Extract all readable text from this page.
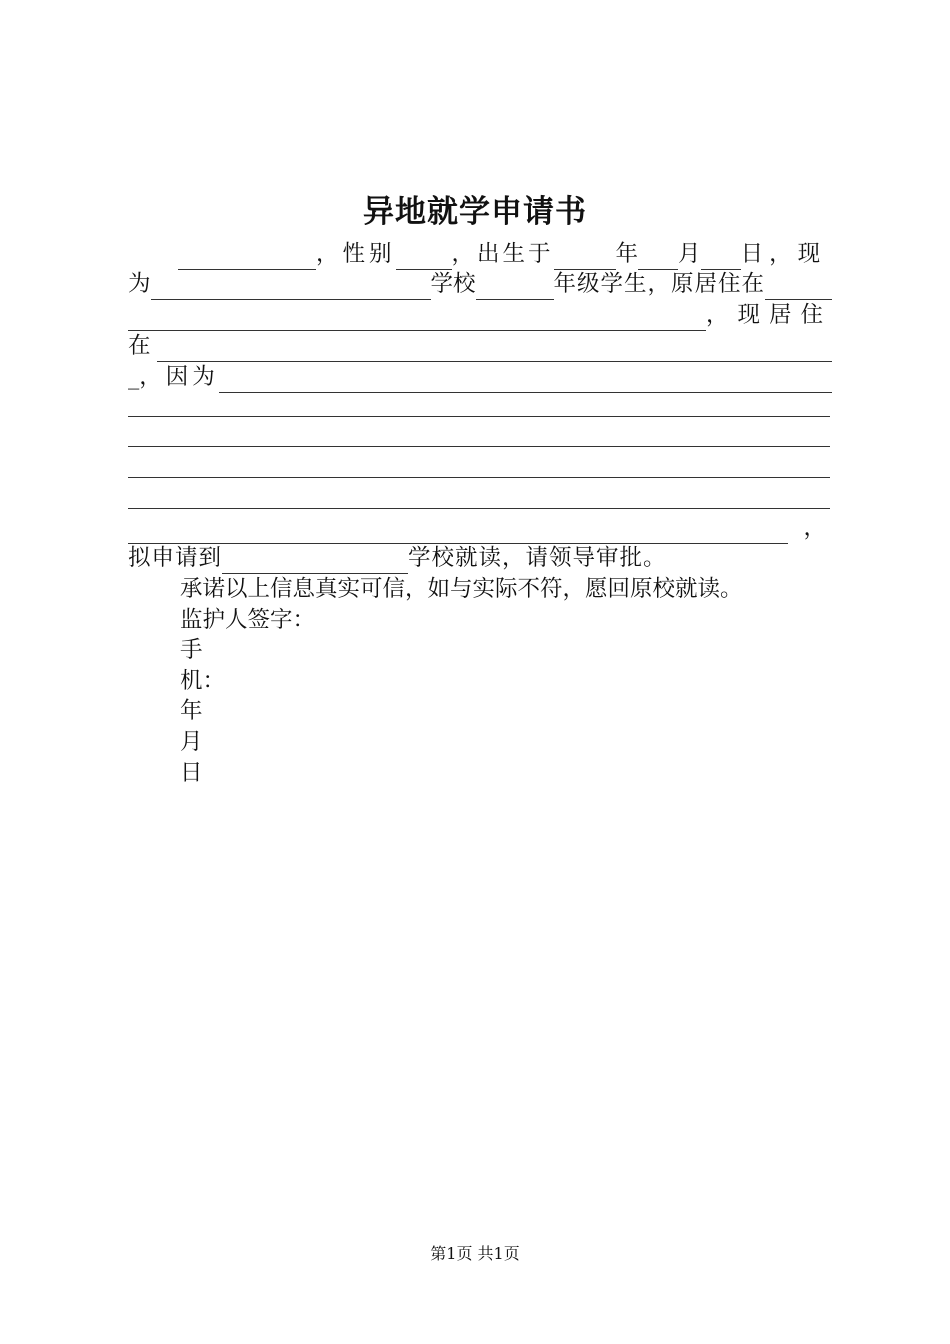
异地就学申请书
，性别 ，出生于	年 月 日，现
为	学校	年级学生，原居住在
，现居住
在
_ ，因为
，
拟申请到	学校就读，请领导审批。
承诺以上信息真实可信，如与实际不符，愿回原校就读。
监护人签字：
手
机：
年
月
日
第1页 共1页
